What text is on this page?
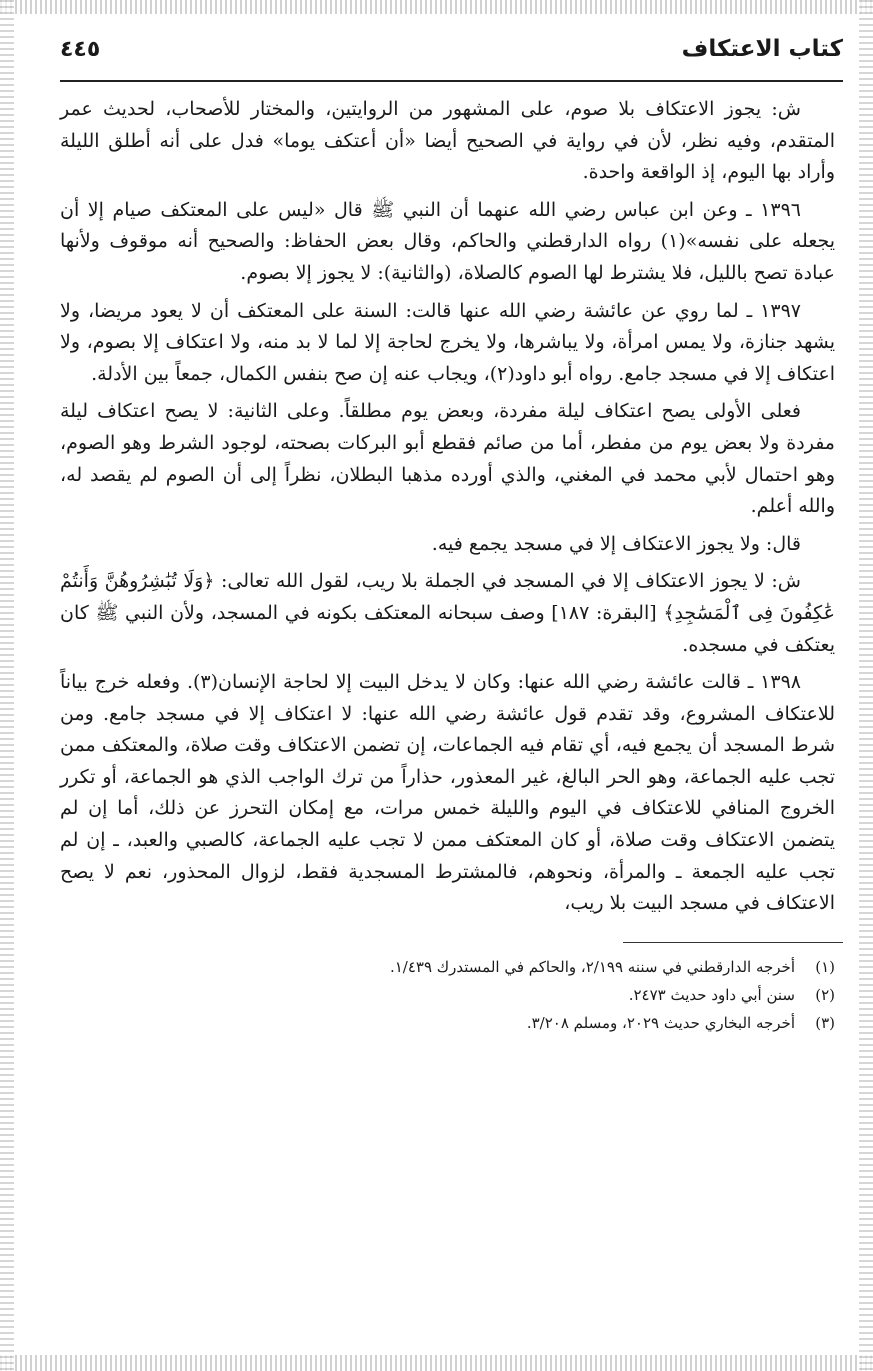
كتاب الاعتكاف
٤٤٥

ش: يجوز الاعتكاف بلا صوم، على المشهور من الروايتين، والمختار للأصحاب، لحديث عمر المتقدم، وفيه نظر، لأن في رواية في الصحيح أيضا «أن أعتكف يوما» فدل على أنه أطلق الليلة وأراد بها اليوم، إذ الواقعة واحدة.

١٣٩٦ ـ وعن ابن عباس رضي الله عنهما أن النبي ﷺ قال «ليس على المعتكف صيام إلا أن يجعله على نفسه»(١) رواه الدارقطني والحاكم، وقال بعض الحفاظ: والصحيح أنه موقوف ولأنها عبادة تصح بالليل، فلا يشترط لها الصوم كالصلاة، (والثانية): لا يجوز إلا بصوم.

١٣٩٧ ـ لما روي عن عائشة رضي الله عنها قالت: السنة على المعتكف أن لا يعود مريضا، ولا يشهد جنازة، ولا يمس امرأة، ولا يباشرها، ولا يخرج لحاجة إلا لما لا بد منه، ولا اعتكاف إلا بصوم، ولا اعتكاف إلا في مسجد جامع. رواه أبو داود(٢)، ويجاب عنه إن صح بنفس الكمال، جمعاً بين الأدلة.

فعلى الأولى يصح اعتكاف ليلة مفردة، وبعض يوم مطلقاً. وعلى الثانية: لا يصح اعتكاف ليلة مفردة ولا بعض يوم من مفطر، أما من صائم فقطع أبو البركات بصحته، لوجود الشرط وهو الصوم، وهو احتمال لأبي محمد في المغني، والذي أورده مذهبا البطلان، نظراً إلى أن الصوم لم يقصد له، والله أعلم.

قال: ولا يجوز الاعتكاف إلا في مسجد يجمع فيه.

ش: لا يجوز الاعتكاف إلا في المسجد في الجملة بلا ريب، لقول الله تعالى: ﴿وَلَا تُبَٰشِرُوهُنَّ وَأَنتُمْ عَٰكِفُونَ فِى ٱلْمَسَٰجِدِ﴾ [البقرة: ١٨٧] وصف سبحانه المعتكف بكونه في المسجد، ولأن النبي ﷺ كان يعتكف في مسجده.

١٣٩٨ ـ قالت عائشة رضي الله عنها: وكان لا يدخل البيت إلا لحاجة الإنسان(٣). وفعله خرج بياناً للاعتكاف المشروع، وقد تقدم قول عائشة رضي الله عنها: لا اعتكاف إلا في مسجد جامع. ومن شرط المسجد أن يجمع فيه، أي تقام فيه الجماعات، إن تضمن الاعتكاف وقت صلاة، والمعتكف ممن تجب عليه الجماعة، وهو الحر البالغ، غير المعذور، حذاراً من ترك الواجب الذي هو الجماعة، أو تكرر الخروج المنافي للاعتكاف في اليوم والليلة خمس مرات، مع إمكان التحرز عن ذلك، أما إن لم يتضمن الاعتكاف وقت صلاة، أو كان المعتكف ممن لا تجب عليه الجماعة، كالصبي والعبد، ـ إن لم تجب عليه الجمعة ـ والمرأة، ونحوهم، فالمشترط المسجدية فقط، لزوال المحذور، نعم لا يصح الاعتكاف في مسجد البيت بلا ريب،

(١)
أخرجه الدارقطني في سننه ٢/١٩٩، والحاكم في المستدرك ١/٤٣٩.
(٢)
سنن أبي داود حديث ٢٤٧٣.
(٣)
أخرجه البخاري حديث ٢٠٢٩، ومسلم ٣/٢٠٨.
